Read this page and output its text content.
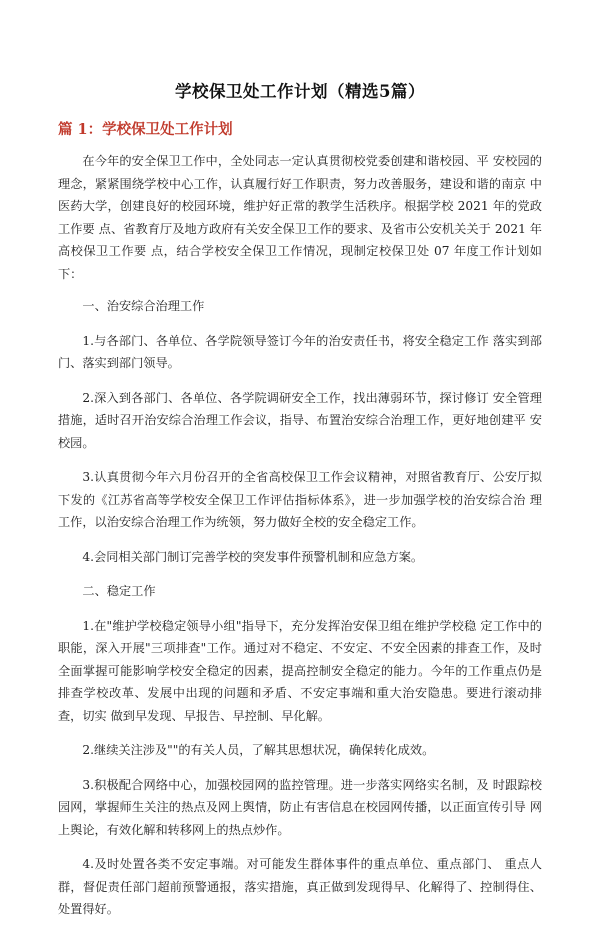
学校保卫处工作计划（精选5篇）
篇 1：学校保卫处工作计划

在今年的安全保卫工作中，全处同志一定认真贯彻校党委创建和谐校园、平 安校园的理念，紧紧围绕学校中心工作，认真履行好工作职责，努力改善服务，建设和谐的南京 中医药大学，创建良好的校园环境，维护好正常的教学生活秩序。根据学校 2021 年的党政工作要 点、省教育厅及地方政府有关安全保卫工作的要求、及省市公安机关关于 2021 年高校保卫工作要 点，结合学校安全保卫工作情况，现制定校保卫处 07 年度工作计划如下：

一、治安综合治理工作

1.与各部门、各单位、各学院领导签订今年的治安责任书，将安全稳定工作 落实到部门、落实到部门领导。

2.深入到各部门、各单位、各学院调研安全工作，找出薄弱环节，探讨修订 安全管理措施，适时召开治安综合治理工作会议，指导、布置治安综合治理工作，更好地创建平 安校园。

3.认真贯彻今年六月份召开的全省高校保卫工作会议精神，对照省教育厅、公安厅拟下发的《江苏省高等学校安全保卫工作评估指标体系》，进一步加强学校的治安综合治 理工作，以治安综合治理工作为统领，努力做好全校的安全稳定工作。

4.会同相关部门制订完善学校的突发事件预警机制和应急方案。

二、稳定工作

1.在"维护学校稳定领导小组"指导下，充分发挥治安保卫组在维护学校稳 定工作中的职能，深入开展"三项排查"工作。通过对不稳定、不安定、不安全因素的排查工作，及时全面掌握可能影响学校安全稳定的因素，提高控制安全稳定的能力。今年的工作重点仍是 排查学校改革、发展中出现的问题和矛盾、不安定事端和重大治安隐患。要进行滚动排查，切实 做到早发现、早报告、早控制、早化解。

2.继续关注涉及""的有关人员，了解其思想状况，确保转化成效。

3.积极配合网络中心，加强校园网的监控管理。进一步落实网络实名制，及 时跟踪校园网，掌握师生关注的热点及网上舆情，防止有害信息在校园网传播，以正面宣传引导 网上舆论，有效化解和转移网上的热点炒作。

4.及时处置各类不安定事端。对可能发生群体事件的重点单位、重点部门、 重点人群，督促责任部门超前预警通报，落实措施，真正做到发现得早、化解得了、控制得住、 处置得好。
